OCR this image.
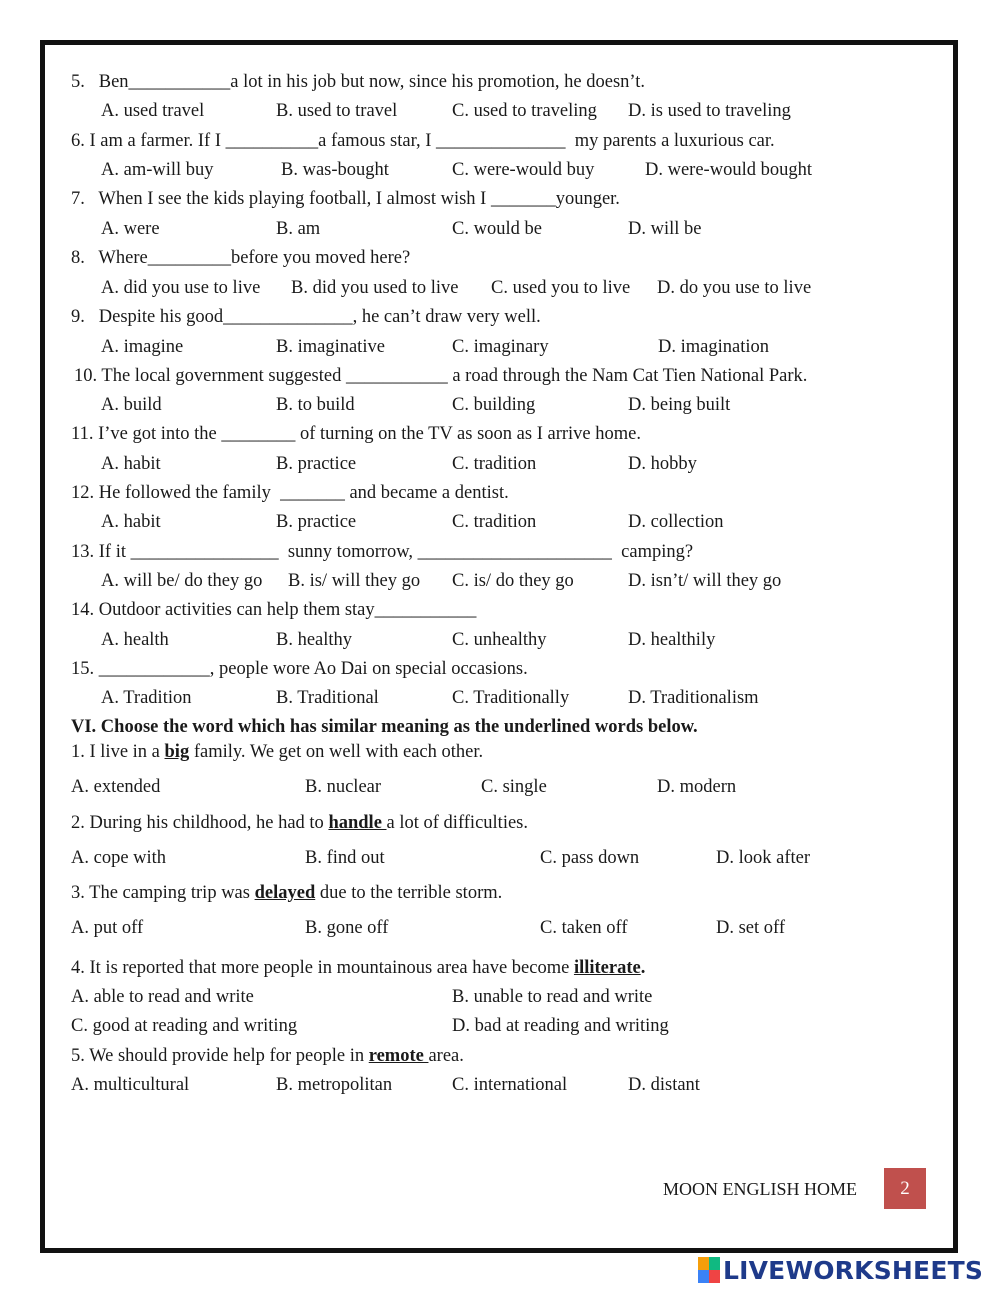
5.   Ben___________a lot in his job but now, since his promotion, he doesn’t.
A. used travel	B. used to travel	C. used to traveling D. is used to traveling
6. I am a farmer. If I __________a famous star, I ______________  my parents a luxurious car.
A. am-will buy	B. was-bought	C. were-would buy	D. were-would bought
7.   When I see the kids playing football, I almost wish I _______younger.
A. were	B. am	C. would be	D. will be
8.   Where_________before you moved here?
A. did you use to live B. did you used to live C. used you to live D. do you use to live
9.   Despite his good______________, he can’t draw very well.
A. imagine	B. imaginative	C. imaginary	D. imagination
10. The local government suggested ___________ a road through the Nam Cat Tien National Park.
A. build	B. to build	C. building	D. being built
11. I’ve got into the ________ of turning on the TV as soon as I arrive home.
A. habit	B. practice	C. tradition	D. hobby
12. He followed the family  _______ and became a dentist.
A. habit	B. practice	C. tradition	D. collection
13. If it ________________  sunny tomorrow, _____________________  camping?
A. will be/ do they go B. is/ will they go C. is/ do they go	D. isn’t/ will they go
14. Outdoor activities can help them stay___________
A. health	B. healthy	C. unhealthy	D. healthily
15. ____________, people wore Ao Dai on special occasions.
A. Tradition	B. Traditional	C. Traditionally	D. Traditionalism
VI. Choose the word which has similar meaning as the underlined words below.
1. I live in a big family. We get on well with each other.
A. extended	B. nuclear	C. single	D. modern
2. During his childhood, he had to handle a lot of difficulties.
A. cope with	B. find out	C. pass down	D. look after
3. The camping trip was delayed due to the terrible storm.
A. put off	B. gone off	C. taken off	D. set off
4. It is reported that more people in mountainous area have become illiterate.
A. able to read and write	B. unable to read and write
C. good at reading and writing	D. bad at reading and writing
5. We should provide help for people in remote area.
A. multicultural	B. metropolitan	C. international	D. distant
MOON ENGLISH HOME	2
LIVEWORKSHEETS
